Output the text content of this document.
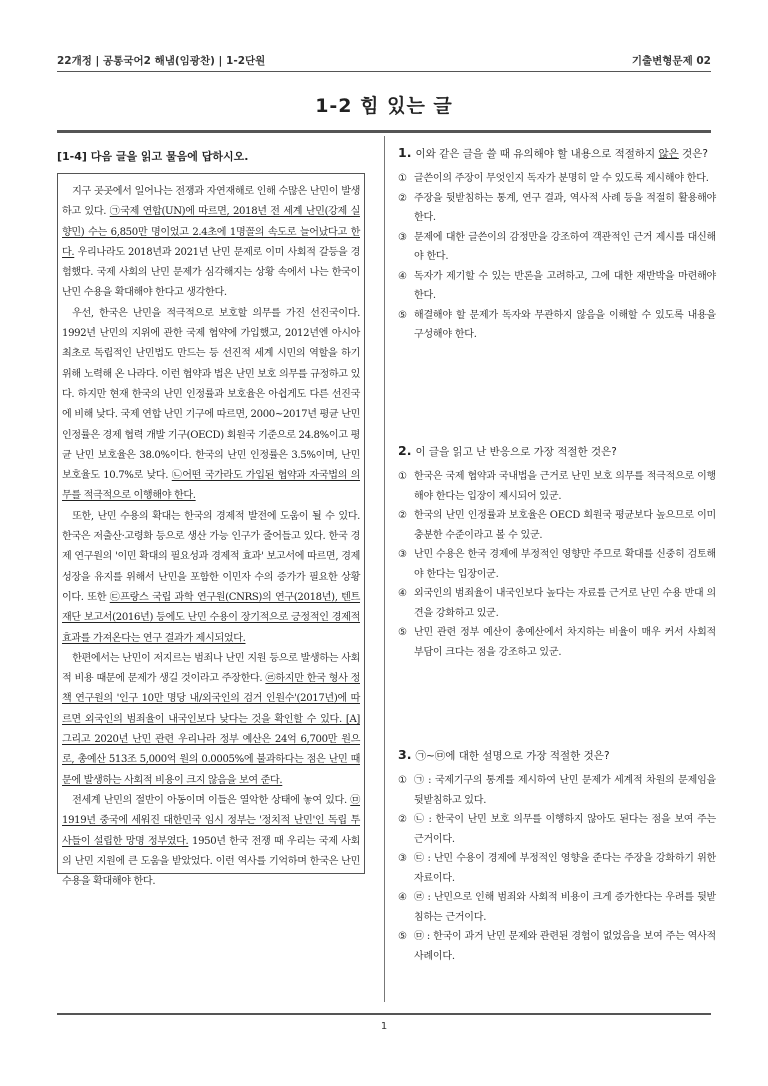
22개정 | 공통국어2 해냄(임광찬) | 1-2단원	기출변형문제 02
1-2 힘 있는 글
[1-4] 다음 글을 읽고 물음에 답하시오.

지구 곳곳에서 일어나는 전쟁과 자연재해로 인해 수많은 난민이 발생하고 있다. ㉠국제 연합(UN)에 따르면, 2018년 전 세계 난민(강제 실향민) 수는 6,850만 명이었고 2.4초에 1명꼴의 속도로 늘어났다고 한다. 우리나라도 2018년과 2021년 난민 문제로 이미 사회적 갈등을 경험했다. 국제 사회의 난민 문제가 심각해지는 상황 속에서 나는 한국이 난민 수용을 확대해야 한다고 생각한다.

우선, 한국은 난민을 적극적으로 보호할 의무를 가진 선진국이다. 1992년 난민의 지위에 관한 국제 협약에 가입했고, 2012년엔 아시아 최초로 독립적인 난민법도 만드는 등 선진적 세계 시민의 역할을 하기 위해 노력해 온 나라다. 이런 협약과 법은 난민 보호 의무를 규정하고 있다. 하지만 현재 한국의 난민 인정률과 보호율은 아쉽게도 다른 선진국에 비해 낮다. 국제 연합 난민 기구에 따르면, 2000~2017년 평균 난민 인정률은 경제 협력 개발 기구(OECD) 회원국 기준으로 24.8%이고 평균 난민 보호율은 38.0%이다. 한국의 난민 인정률은 3.5%이며, 난민 보호율도 10.7%로 낮다. ㉡어떤 국가라도 가입된 협약과 자국법의 의무를 적극적으로 이행해야 한다.

또한, 난민 수용의 확대는 한국의 경제적 발전에 도움이 될 수 있다. 한국은 저출산·고령화 등으로 생산 가능 인구가 줄어들고 있다. 한국 경제 연구원의 '이민 확대의 필요성과 경제적 효과' 보고서에 따르면, 경제 성장을 유지를 위해서 난민을 포함한 이민자 수의 증가가 필요한 상황이다. 또한 ㉢프랑스 국립 과학 연구원(CNRS)의 연구(2018년), 텐트 재단 보고서(2016년) 등에도 난민 수용이 장기적으로 긍정적인 경제적 효과를 가져온다는 연구 결과가 제시되었다.

한편에서는 난민이 저지르는 범죄나 난민 지원 등으로 발생하는 사회적 비용 때문에 문제가 생길 것이라고 주장한다. ㉣하지만 한국 형사 정책 연구원의 '인구 10만 명당 내/외국인의 검거 인원수'(2017년)에 따르면 외국인의 범죄율이 내국인보다 낮다는 것을 확인할 수 있다. [A] 그리고 2020년 난민 관련 우리나라 정부 예산은 24억 6,700만 원으로, 총예산 513조 5,000억 원의 0.0005%에 불과하다는 점은 난민 때문에 발생하는 사회적 비용이 크지 않음을 보여 준다.

전세계 난민의 절반이 아동이며 이들은 열악한 상태에 놓여 있다. ㉤1919년 중국에 세워진 대한민국 임시 정부는 '정치적 난민'인 독립 투사들이 설립한 망명 정부였다. 1950년 한국 전쟁 때 우리는 국제 사회의 난민 지원에 큰 도움을 받았었다. 이런 역사를 기억하며 한국은 난민 수용을 확대해야 한다.

1. 이와 같은 글을 쓸 때 유의해야 할 내용으로 적절하지 않은 것은?
① 글쓴이의 주장이 무엇인지 독자가 분명히 알 수 있도록 제시해야 한다.
② 주장을 뒷받침하는 통계, 연구 결과, 역사적 사례 등을 적절히 활용해야 한다.
③ 문제에 대한 글쓴이의 감정만을 강조하여 객관적인 근거 제시를 대신해야 한다.
④ 독자가 제기할 수 있는 반론을 고려하고, 그에 대한 재반박을 마련해야 한다.
⑤ 해결해야 할 문제가 독자와 무관하지 않음을 이해할 수 있도록 내용을 구성해야 한다.
2. 이 글을 읽고 난 반응으로 가장 적절한 것은?
① 한국은 국제 협약과 국내법을 근거로 난민 보호 의무를 적극적으로 이행해야 한다는 입장이 제시되어 있군.
② 한국의 난민 인정률과 보호율은 OECD 회원국 평균보다 높으므로 이미 충분한 수준이라고 볼 수 있군.
③ 난민 수용은 한국 경제에 부정적인 영향만 주므로 확대를 신중히 검토해야 한다는 입장이군.
④ 외국인의 범죄율이 내국인보다 높다는 자료를 근거로 난민 수용 반대 의견을 강화하고 있군.
⑤ 난민 관련 정부 예산이 총예산에서 차지하는 비율이 매우 커서 사회적 부담이 크다는 점을 강조하고 있군.
3. ㉠~㉤에 대한 설명으로 가장 적절한 것은?
① ㉠ : 국제기구의 통계를 제시하여 난민 문제가 세계적 차원의 문제임을 뒷받침하고 있다.
② ㉡ : 한국이 난민 보호 의무를 이행하지 않아도 된다는 점을 보여 주는 근거이다.
③ ㉢ : 난민 수용이 경제에 부정적인 영향을 준다는 주장을 강화하기 위한 자료이다.
④ ㉣ : 난민으로 인해 범죄와 사회적 비용이 크게 증가한다는 우려를 뒷받침하는 근거이다.
⑤ ㉤ : 한국이 과거 난민 문제와 관련된 경험이 없었음을 보여 주는 역사적 사례이다.
1
